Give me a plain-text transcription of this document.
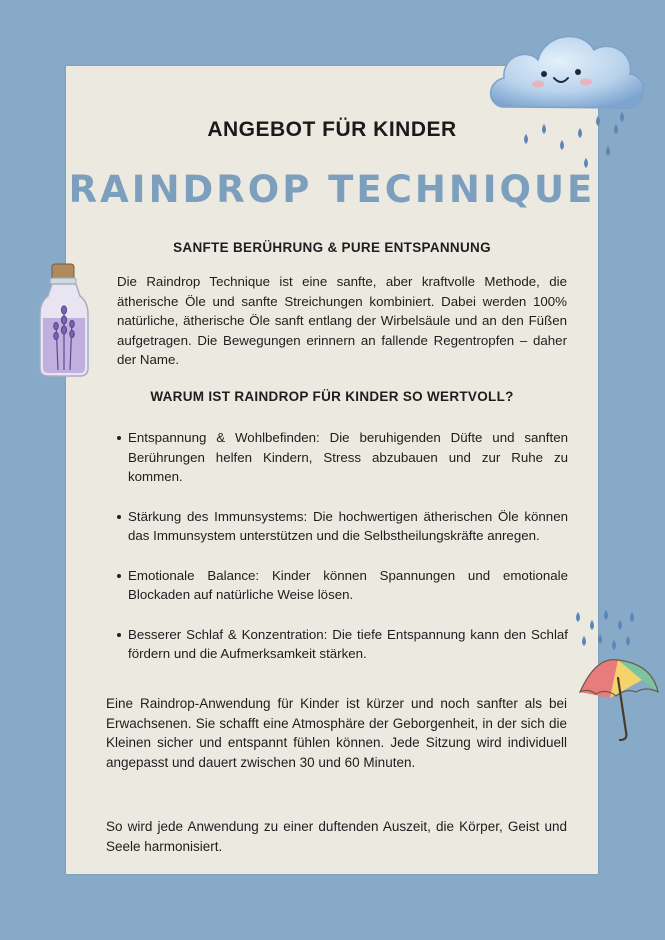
ANGEBOT FÜR KINDER
RAINDROP TECHNIQUE
SANFTE BERÜHRUNG & PURE ENTSPANNUNG
Die Raindrop Technique ist eine sanfte, aber kraftvolle Methode, die ätherische Öle und sanfte Streichungen kombiniert. Dabei werden 100% natürliche, ätherische Öle sanft entlang der Wirbelsäule und an den Füßen aufgetragen. Die Bewegungen erinnern an fallende Regentropfen – daher der Name.
WARUM IST RAINDROP FÜR KINDER SO WERTVOLL?
Entspannung & Wohlbefinden: Die beruhigenden Düfte und sanften Berührungen helfen Kindern, Stress abzubauen und zur Ruhe zu kommen.
Stärkung des Immunsystems: Die hochwertigen ätherischen Öle können das Immunsystem unterstützen und die Selbstheilungskräfte anregen.
Emotionale Balance: Kinder können Spannungen und emotionale Blockaden auf natürliche Weise lösen.
Besserer Schlaf & Konzentration: Die tiefe Entspannung kann den Schlaf fördern und die Aufmerksamkeit stärken.
Eine Raindrop-Anwendung für Kinder ist kürzer und noch sanfter als bei Erwachsenen. Sie schafft eine Atmosphäre der Geborgenheit, in der sich die Kleinen sicher und entspannt fühlen können. Jede Sitzung wird individuell angepasst und dauert zwischen 30 und 60 Minuten.
So wird jede Anwendung zu einer duftenden Auszeit, die Körper, Geist und Seele harmonisiert.
